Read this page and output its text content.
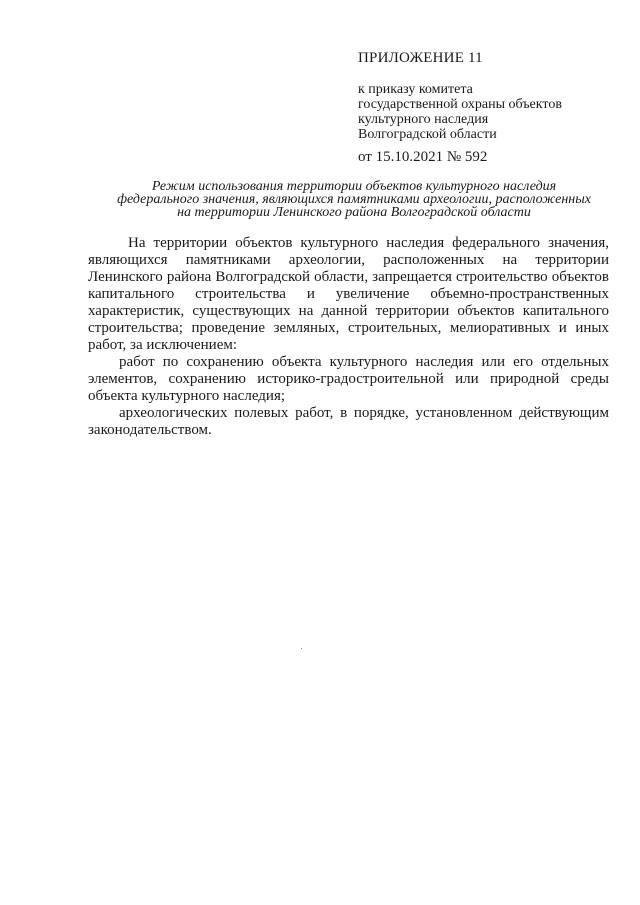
ПРИЛОЖЕНИЕ 11
к приказу комитета
государственной охраны объектов
культурного наследия
Волгоградской области
от 15.10.2021 № 592
Режим использования территории объектов культурного наследия
федерального значения, являющихся памятниками археологии, расположенных
на территории Ленинского района Волгоградской области

На территории объектов культурного наследия федерального значения, являющихся памятниками археологии, расположенных на территории Ленинского района Волгоградской области, запрещается строительство объектов капитального строительства и увеличение объемно-пространственных характеристик, существующих на данной территории объектов капитального строительства; проведение земляных, строительных, мелиоративных и иных работ, за исключением:

работ по сохранению объекта культурного наследия или его отдельных элементов, сохранению историко-градостроительной или природной среды объекта культурного наследия;

археологических полевых работ, в порядке, установленном действующим законодательством.
